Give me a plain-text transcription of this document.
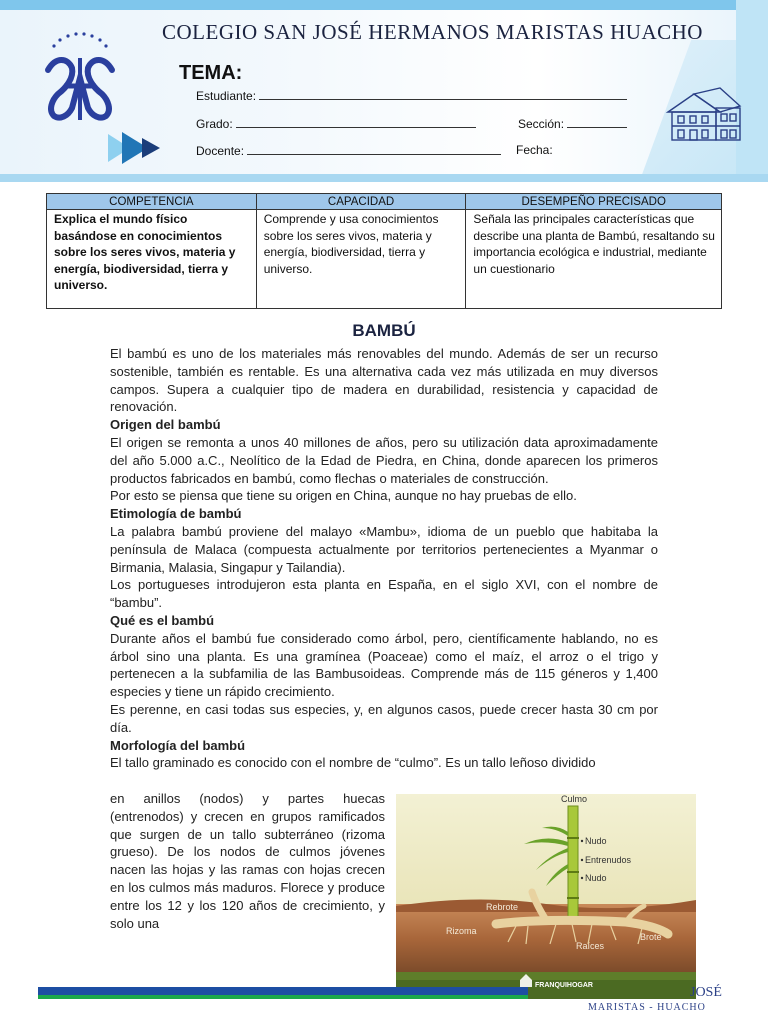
COLEGIO SAN JOSÉ HERMANOS MARISTAS HUACHO
TEMA:
Estudiante:
Grado:	Sección:
Docente:	Fecha:
COMPETENCIA	CAPACIDAD	DESEMPEÑO PRECISADO
Explica el mundo físico basándose en conocimientos sobre los seres vivos, materia y energía, biodiversidad, tierra y universo.	Comprende y usa conocimientos sobre los seres vivos, materia y energía, biodiversidad, tierra y universo.	Señala las principales características que describe una planta de Bambú, resaltando su importancia ecológica e industrial, mediante un cuestionario
BAMBÚ

El bambú es uno de los materiales más renovables del mundo. Además de ser un recurso sostenible, también es rentable. Es una alternativa cada vez más utilizada en muy diversos campos. Supera a cualquier tipo de madera en durabilidad, resistencia y capacidad de renovación.

Origen del bambú

El origen se remonta a unos 40 millones de años, pero su utilización data aproximadamente del año 5.000 a.C., Neolítico de la Edad de Piedra, en China, donde aparecen los primeros productos fabricados en bambú, como flechas o materiales de construcción.

Por esto se piensa que tiene su origen en China, aunque no hay pruebas de ello.

Etimología de bambú

La palabra bambú proviene del malayo «Mambu», idioma de un pueblo que habitaba la península de Malaca (compuesta actualmente por territorios pertenecientes a Myanmar o Birmania, Malasia, Singapur y Tailandia).

Los portugueses introdujeron esta planta en España, en el siglo XVI, con el nombre de “bambu”.

Qué es el bambú

Durante años el bambú fue considerado como árbol, pero, científicamente hablando, no es árbol sino una planta. Es una gramínea (Poaceae) como el maíz, el arroz o el trigo y pertenecen a la subfamilia de las Bambusoideas. Comprende más de 115 géneros y 1,400 especies y tiene un rápido crecimiento.

Es perenne, en casi todas sus especies, y, en algunos casos, puede crecer hasta 30 cm por día.

Morfología del bambú

El tallo graminado es conocido con el nombre de “culmo”. Es un tallo leñoso dividido

en anillos (nodos) y partes huecas (entrenodos) y crecen en grupos ramificados que surgen de un tallo subterráneo (rizoma grueso). De los nodos de culmos jóvenes nacen las hojas y las ramas con hojas crecen en los culmos más maduros. Florece y produce entre los 12 y los 120 años de crecimiento, y solo una

Culmo
Nudo
Entrenudos
Nudo
Rebrote
Rizoma
Raíces
Brote
FRANQUIHOGAR	JOSÉ
MARISTAS - HUACHO
